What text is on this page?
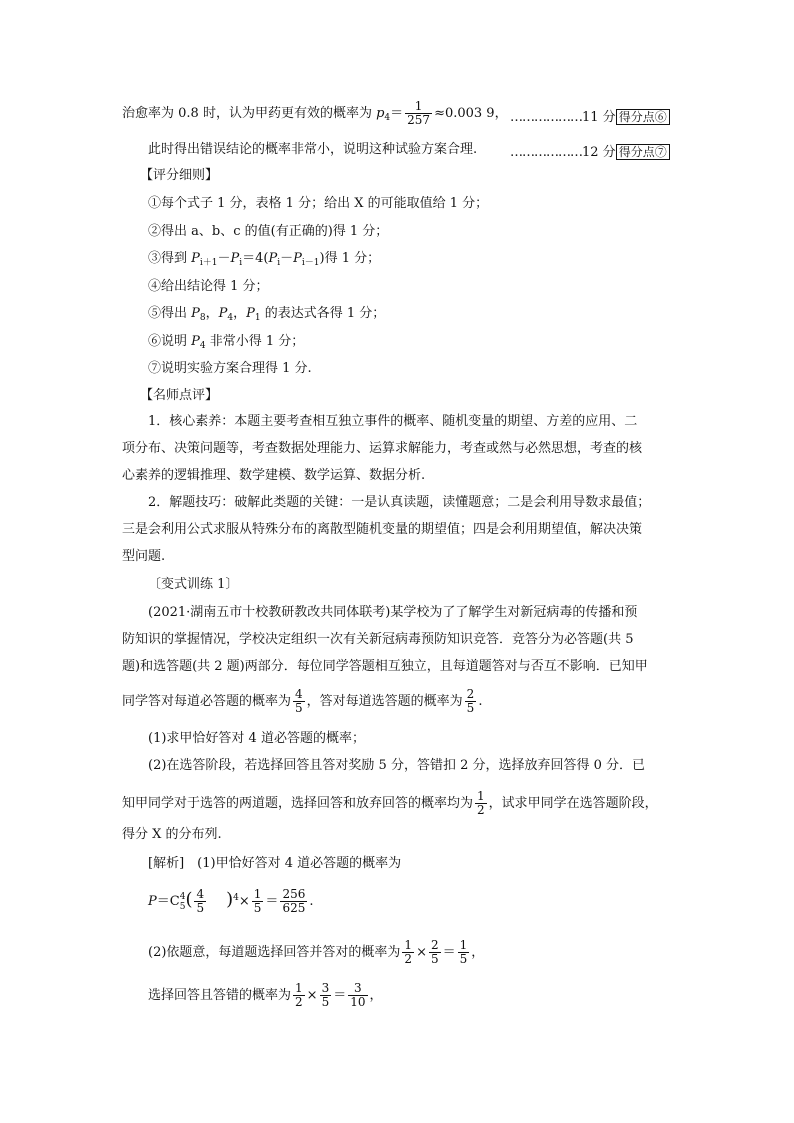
治愈率为 0.8 时，认为甲药更有效的概率为 $p_4= \frac{1}{257} \approx 0.003$ 9， ………………11 分 得分点⑥
此时得出错误结论的概率非常小，说明这种试验方案合理.	………………12 分 得分点⑦
【评分细则】
①每个式子 1 分，表格 1 分；给出 X 的可能取值给 1 分；
②得出 a、b、c 的值(有正确的)得 1 分；
③得到 $P_{i+1}-P_i=4(P_i-P_{i-1})$得 1 分；
④给出结论得 1 分；
⑤得出 $P_8$，$P_4$，$P_1$ 的表达式各得 1 分；
⑥说明 $P_4$ 非常小得 1 分；
⑦说明实验方案合理得 1 分.
【名师点评】
1．核心素养：本题主要考查相互独立事件的概率、随机变量的期望、方差的应用、二
项分布、决策问题等，考查数据处理能力、运算求解能力，考查或然与必然思想，考查的核
心素养的逻辑推理、数学建模、数学运算、数据分析.
2．解题技巧：破解此类题的关键：一是认真读题，读懂题意；二是会利用导数求最值；
三是会利用公式求服从特殊分布的离散型随机变量的期望值；四是会利用期望值，解决决策
型问题.
〔变式训练 1〕
(2021·湖南五市十校教研教改共同体联考)某学校为了了解学生对新冠病毒的传播和预
防知识的掌握情况，学校决定组织一次有关新冠病毒预防知识竞答．竞答分为必答题(共 5
题)和选答题(共 2 题)两部分．每位同学答题相互独立，且每道题答对与否互不影响．已知甲
同学答对每道必答题的概率为 $\frac{4}{5}$ ，答对每道选答题的概率为 $\frac{2}{5}$ .
(1)求甲恰好答对 4 道必答题的概率；
(2)在选答阶段，若选择回答且答对奖励 5 分，答错扣 2 分，选择放弃回答得 0 分．已
知甲同学对于选答的两道题，选择回答和放弃回答的概率均为 $\frac{1}{2}$ ，试求甲同学在选答题阶段，
得分 X 的分布列.
[解析]　(1)甲恰好答对 4 道必答题的概率为
P＝C 4
5 ( $\frac{4}{5} )^4\times \frac{1}{5} = \frac{256}{625}$ .
(2)依题意，每道题选择回答并答对的概率为 $\frac{1}{2} \times \frac{2}{5} = \frac{1}{5}$ ，
选择回答且答错的概率为 $\frac{1}{2} \times \frac{3}{5} = \frac{3}{10}$ ，
